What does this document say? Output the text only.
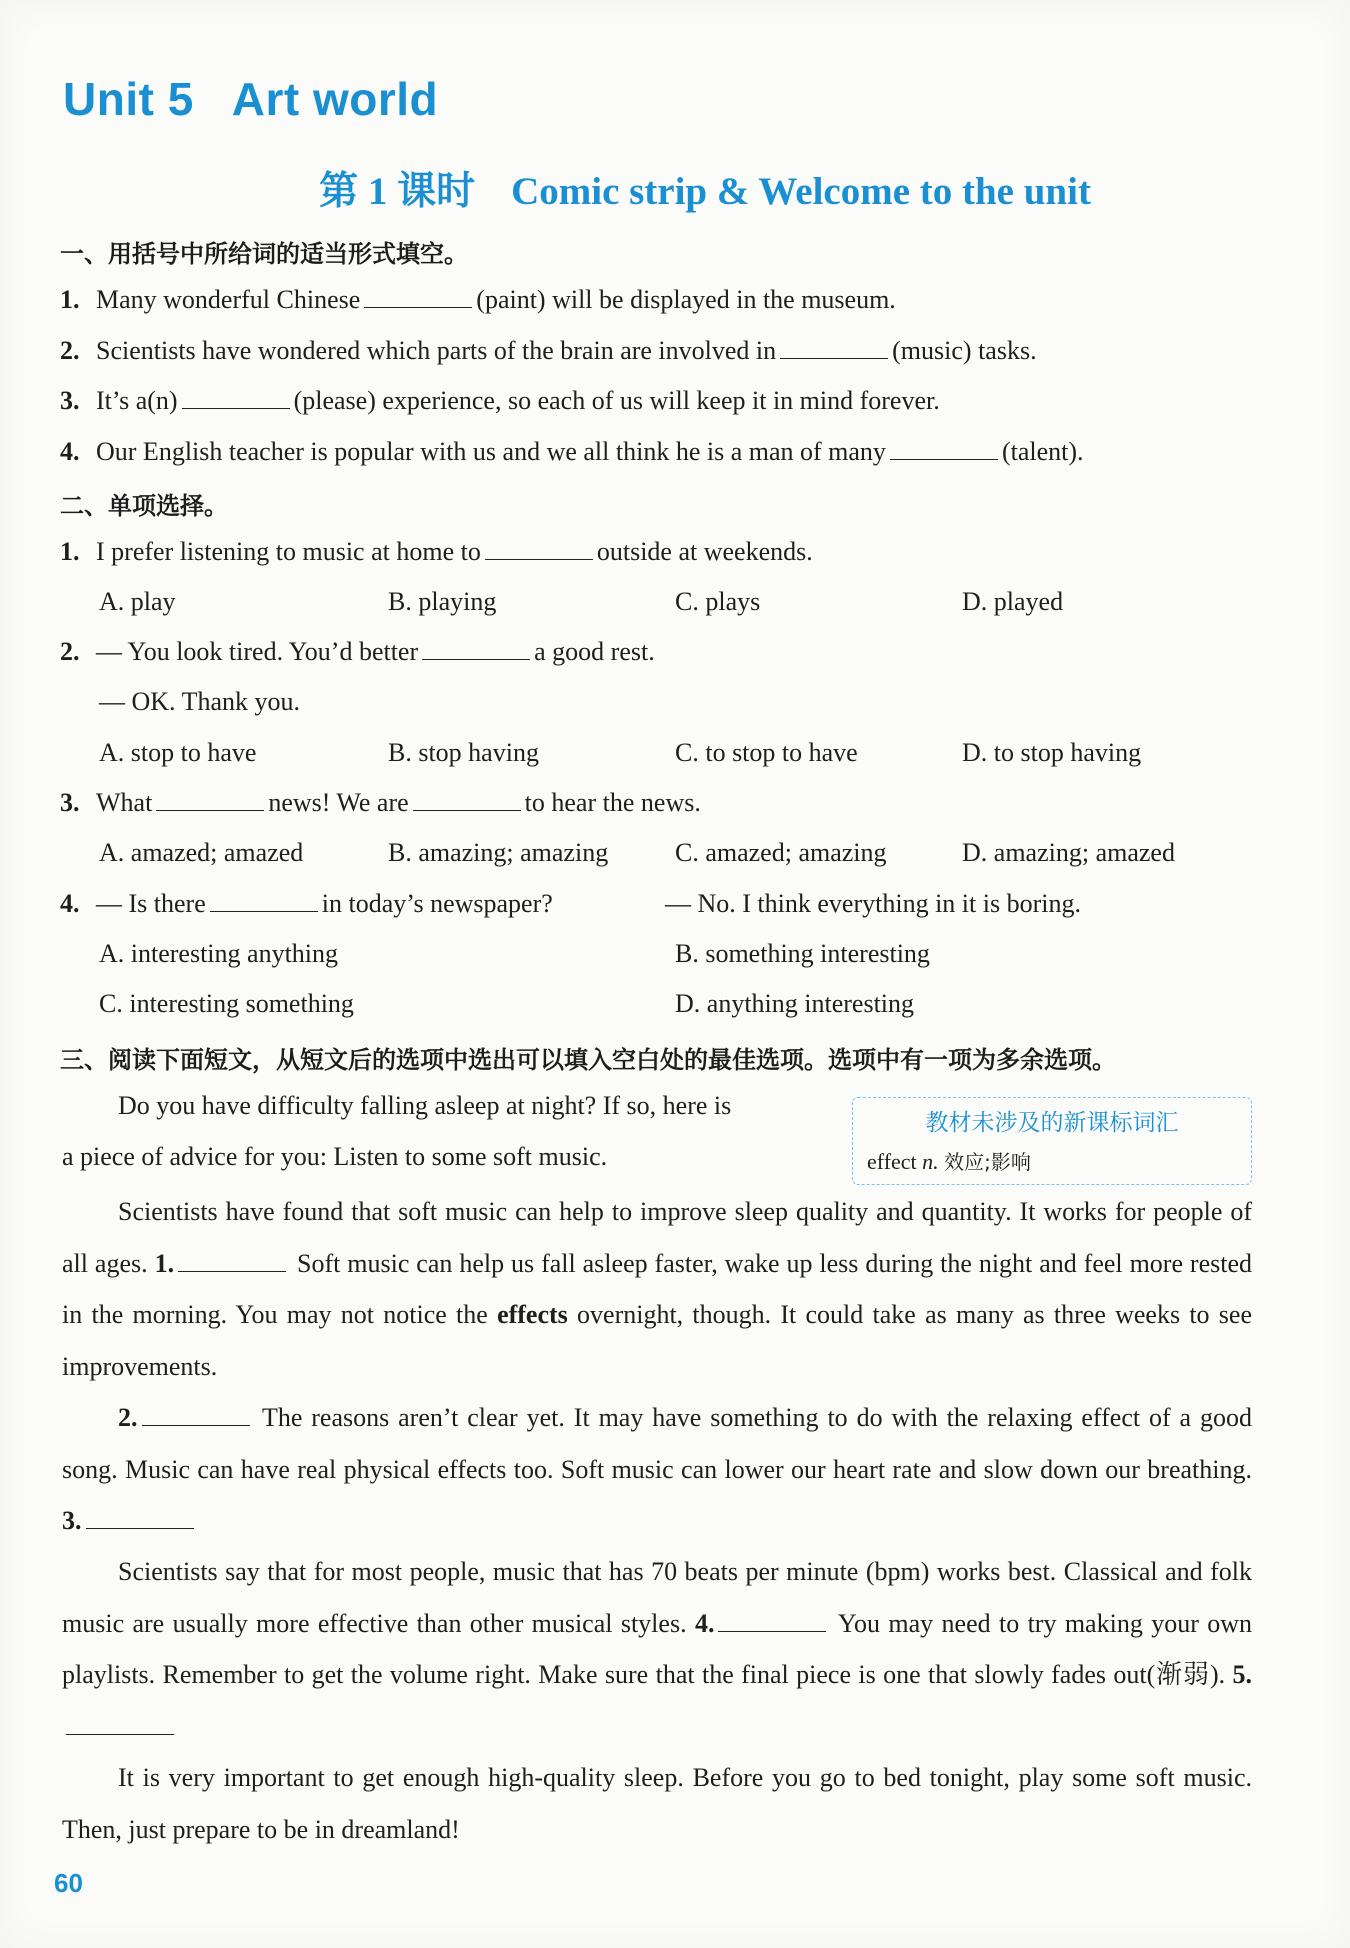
Unit 5 Art world
第 1 课时 Comic strip & Welcome to the unit
一、用括号中所给词的适当形式填空。
1. Many wonderful Chinese	(paint) will be displayed in the museum.
2. Scientists have wondered which parts of the brain are involved in	(music) tasks.
3. It’s a(n)	(please) experience, so each of us will keep it in mind forever.
4. Our English teacher is popular with us and we all think he is a man of many	(talent).
二、单项选择。
1. I prefer listening to music at home to	outside at weekends.
A. play	B. playing	C. plays	D. played
2. — You look tired. You’d better	a good rest.
— OK. Thank you.
A. stop to have	B. stop having	C. to stop to have	D. to stop having
3. What	news! We are	to hear the news.
A. amazed; amazed	B. amazing; amazing	C. amazed; amazing	D. amazing; amazed
4. — Is there	in today’s newspaper?	— No. I think everything in it is boring.
A. interesting anything	B. something interesting
C. interesting something	D. anything interesting
三、阅读下面短文，从短文后的选项中选出可以填入空白处的最佳选项。选项中有一项为多余选项。
Do you have difficulty falling asleep at night? If so, here is
a piece of advice for you: Listen to some soft music.
教材未涉及的新课标词汇
effect n. 效应;影响
Scientists have found that soft music can help to improve sleep quality and quantity. It works for people of all ages. 1.	Soft music can help us fall asleep faster, wake up less during the night and feel more rested in the morning. You may not notice the effects overnight, though. It could take as many as three weeks to see improvements.
2.	The reasons aren’t clear yet. It may have something to do with the relaxing effect of a good song. Music can have real physical effects too. Soft music can lower our heart rate and slow down our breathing. 3.
Scientists say that for most people, music that has 70 beats per minute (bpm) works best. Classical and folk music are usually more effective than other musical styles. 4.	You may need to try making your own playlists. Remember to get the volume right. Make sure that the final piece is one that slowly fades out(渐弱). 5.
It is very important to get enough high-quality sleep. Before you go to bed tonight, play some soft music. Then, just prepare to be in dreamland!
60
